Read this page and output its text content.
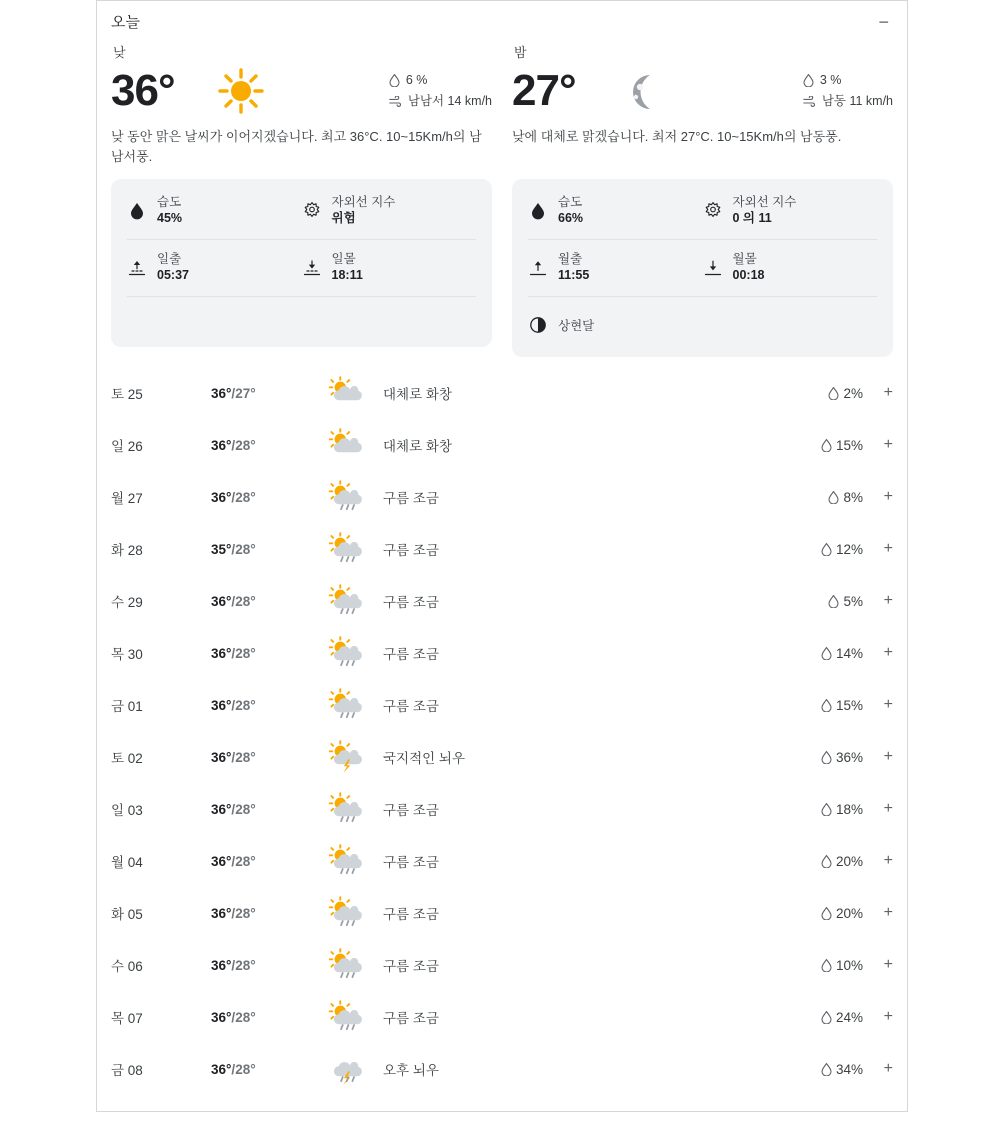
오늘	−
낮
36°	6 %
남남서 14 km/h
낮 동안 맑은 날씨가 이어지겠습니다. 최고 36°C. 10~15Km/h의 남남서풍.
습도
45%
자외선 지수
위험
일출
05:37
일몰
18:11
밤
27°	3 %
남동 11 km/h
낮에 대체로 맑겠습니다. 최저 27°C. 10~15Km/h의 남동풍.
습도
66%
자외선 지수
0 의 11
월출
11:55
월몰
00:18
상현달
토 25	36°/27°	대체로 화창	2%	+
일 26	36°/28°	대체로 화창	15%	+
월 27	36°/28°	구름 조금	8%	+
화 28	35°/28°	구름 조금	12%	+
수 29	36°/28°	구름 조금	5%	+
목 30	36°/28°	구름 조금	14%	+
금 01	36°/28°	구름 조금	15%	+
토 02	36°/28°	국지적인 뇌우	36%	+
일 03	36°/28°	구름 조금	18%	+
월 04	36°/28°	구름 조금	20%	+
화 05	36°/28°	구름 조금	20%	+
수 06	36°/28°	구름 조금	10%	+
목 07	36°/28°	구름 조금	24%	+
금 08	36°/28°	오후 뇌우	34%	+
